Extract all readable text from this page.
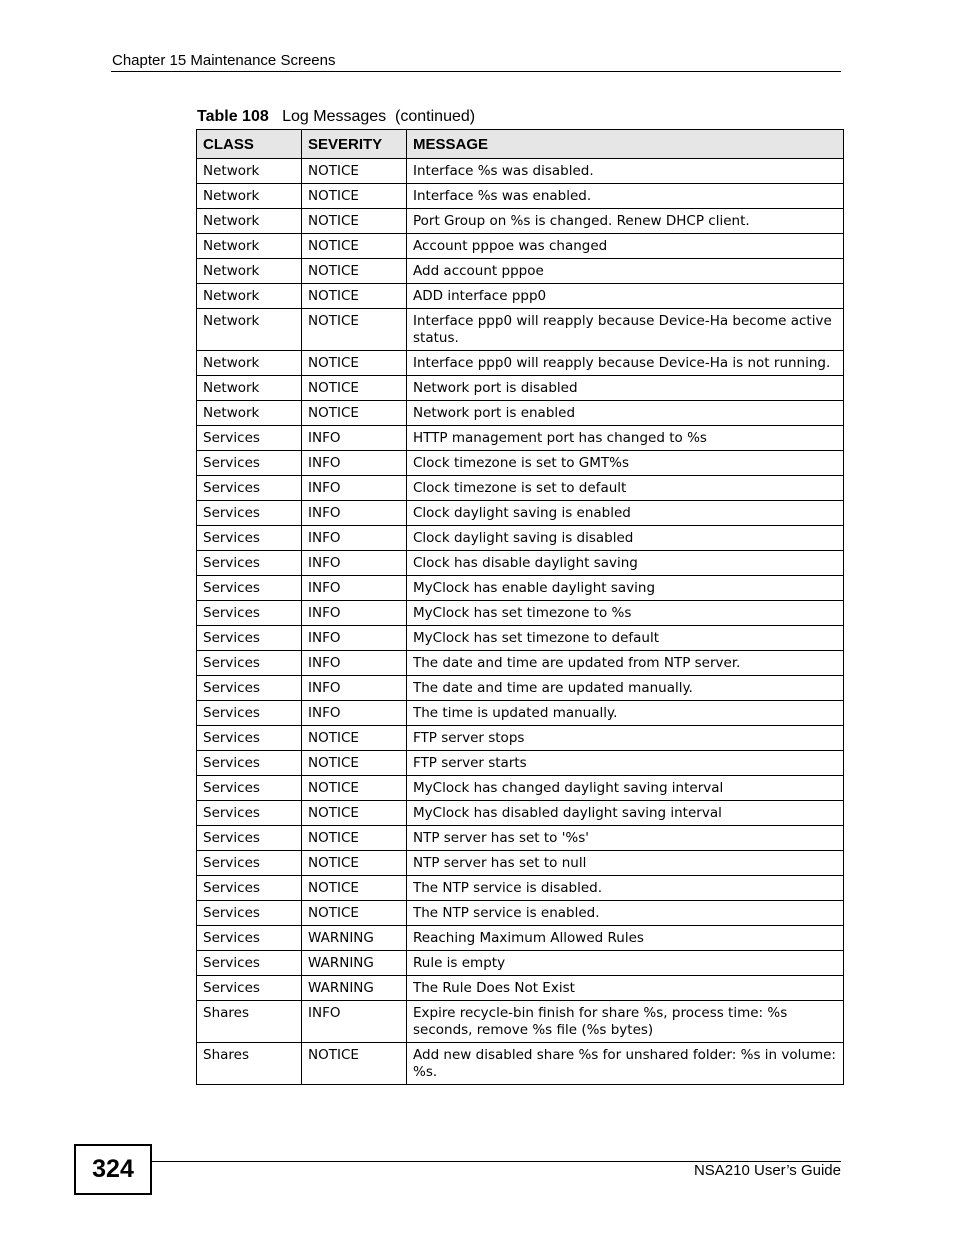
Chapter 15 Maintenance Screens
Table 108 Log Messages  (continued)
CLASS	SEVERITY	MESSAGE
Network	NOTICE	Interface %s was disabled.
Network	NOTICE	Interface %s was enabled.
Network	NOTICE	Port Group on %s is changed. Renew DHCP client.
Network	NOTICE	Account pppoe was changed
Network	NOTICE	Add account pppoe
Network	NOTICE	ADD interface ppp0
Network	NOTICE	Interface ppp0 will reapply because Device-Ha become active status.
Network	NOTICE	Interface ppp0 will reapply because Device-Ha is not running.
Network	NOTICE	Network port is disabled
Network	NOTICE	Network port is enabled
Services	INFO	HTTP management port has changed to %s
Services	INFO	Clock timezone is set to GMT%s
Services	INFO	Clock timezone is set to default
Services	INFO	Clock daylight saving is enabled
Services	INFO	Clock daylight saving is disabled
Services	INFO	Clock has disable daylight saving
Services	INFO	MyClock has enable daylight saving
Services	INFO	MyClock has set timezone to %s
Services	INFO	MyClock has set timezone to default
Services	INFO	The date and time are updated from NTP server.
Services	INFO	The date and time are updated manually.
Services	INFO	The time is updated manually.
Services	NOTICE	FTP server stops
Services	NOTICE	FTP server starts
Services	NOTICE	MyClock has changed daylight saving interval
Services	NOTICE	MyClock has disabled daylight saving interval
Services	NOTICE	NTP server has set to '%s'
Services	NOTICE	NTP server has set to null
Services	NOTICE	The NTP service is disabled.
Services	NOTICE	The NTP service is enabled.
Services	WARNING	Reaching Maximum Allowed Rules
Services	WARNING	Rule is empty
Services	WARNING	The Rule Does Not Exist
Shares	INFO	Expire recycle-bin finish for share %s, process time: %s seconds, remove %s file (%s bytes)
Shares	NOTICE	Add new disabled share %s for unshared folder: %s in volume: %s.
324	NSA210 User’s Guide
